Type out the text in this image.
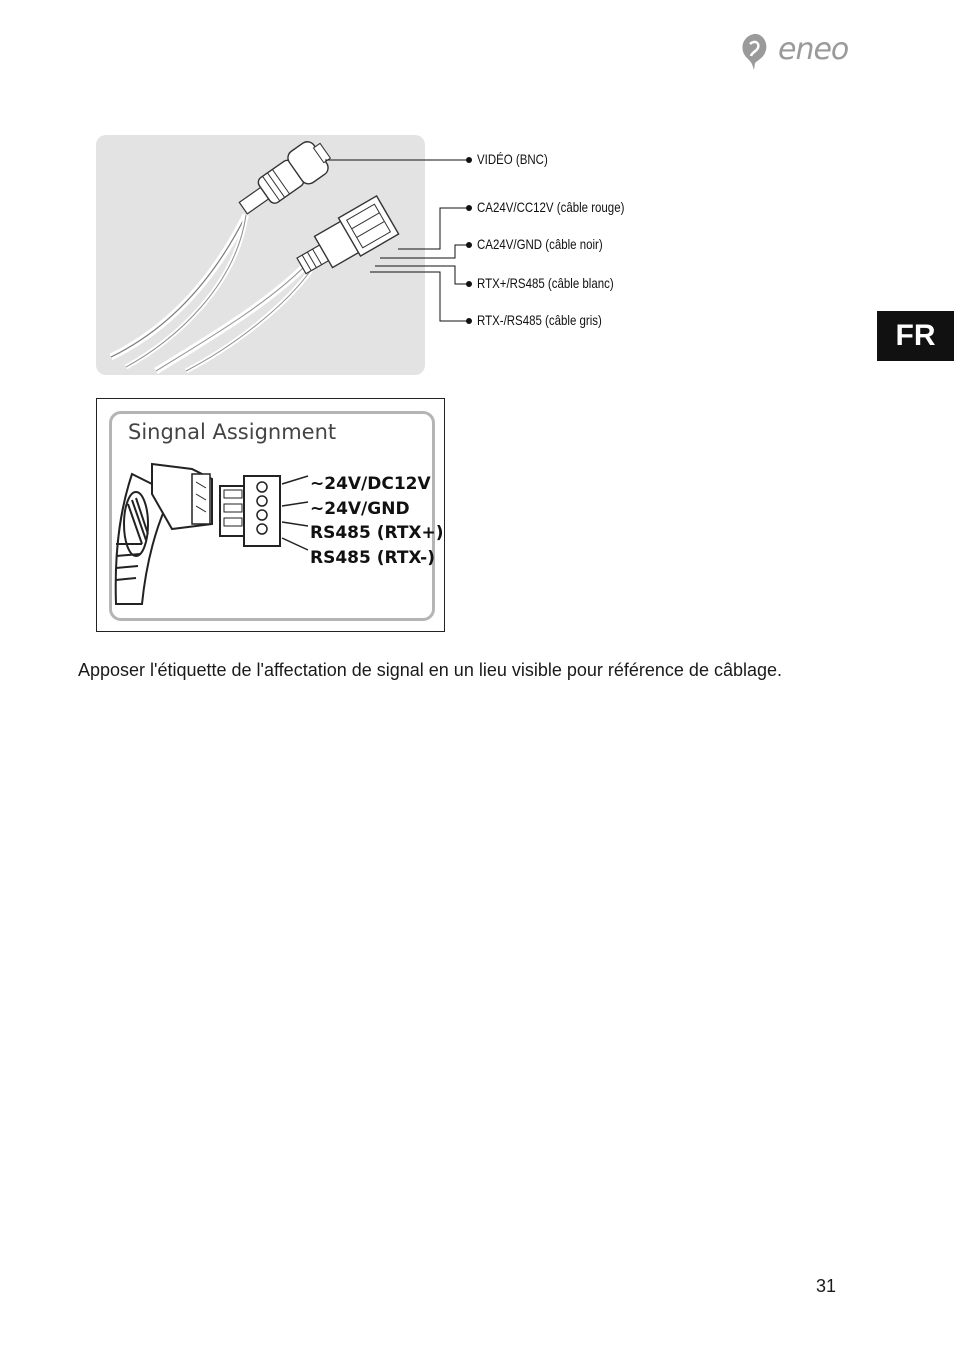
eneo
FR
VIDÉO (BNC)
CA24V/CC12V (câble rouge)
CA24V/GND (câble noir)
RTX+/RS485 (câble blanc)
RTX-/RS485 (câble gris)
Singnal Assignment
~24V/DC12V
~24V/GND
RS485 (RTX+)
RS485 (RTX-)
Apposer l'étiquette de l'affectation de signal en un lieu visible pour référence de câblage.
31
